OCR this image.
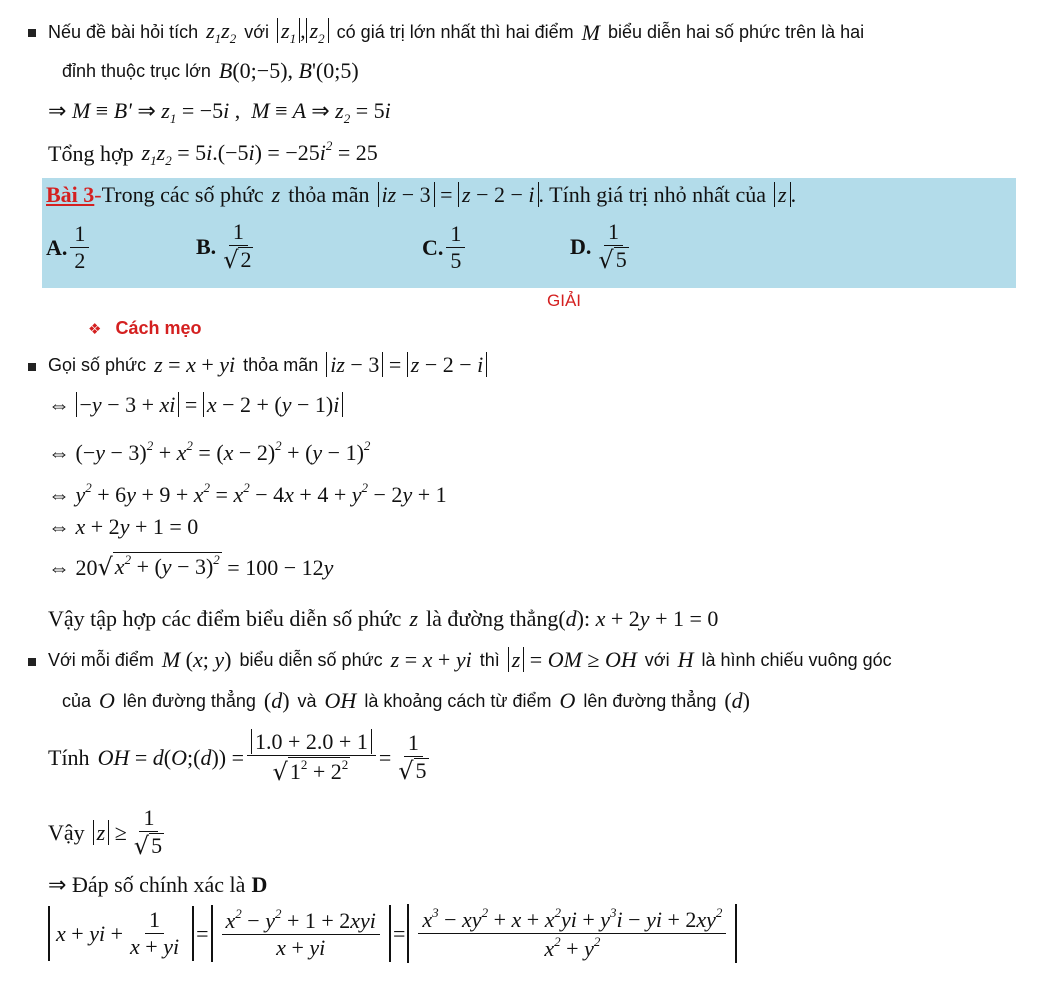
Nếu đề bài hỏi tích $z_1z_2$ với $z_1$ , $z_2$ có giá trị lớn nhất thì hai điểm M biểu diễn hai số phức trên là hai
đỉnh thuộc trục lớn B(0;−5), B'(0;5)
⇒ M ≡ B' ⇒ $z_1 = -5i$ ,  M ≡ A ⇒ $z_2 = 5i$
Tổng hợp $z_1z_2 = 5i.(-5i) = -25i^2 = 25$
Bài 3 - Trong các số phức z thỏa mãn iz − 3 = z − 2 − i . Tính giá trị nhỏ nhất của z .
A. $\frac{1}{2}$	B. $\frac{1}{√ 2}$	C. $\frac{1}{5}$	D. $\frac{1}{√ 5}$
GIẢI
❖ Cách mẹo
Gọi số phức z = x + yi thỏa mãn iz − 3 = z − 2 − i
⇔ −y − 3 + xi = x − 2 + (y − 1)i
⇔ $(-y - 3)^2 + x^2 = (x - 2)^2 + (y - 1)^2$
⇔ $y^2 + 6y + 9 + x^2 = x^2 - 4x + 4 + y^2 - 2y + 1$
⇔ x + 2y + 1 = 0
⇔ 20 √ $x^2 + (y - 3)^2 = 100 - 12y$
Vậy tập hợp các điểm biểu diễn số phức z là đường thẳng (d): x + 2y + 1 = 0
Với mỗi điểm M (x; y) biểu diễn số phức z = x + yi thì z = OM ≥ OH với H là hình chiếu vuông góc
của O lên đường thẳng (d) và OH là khoảng cách từ điểm O lên đường thẳng (d)
Tính OH = d(O;(d)) = $\frac{1.0 + 2.0 + 1}{√ 1^2 + 2^2} = \frac{1}{√ 5}$
Vậy $z \ge \frac{1}{√ 5}$
⇒ Đáp số chính xác là D
x + yi + $\frac{1}{x + yi} = \frac{x^2 - y^2 + 1 + 2xyi}{x + yi} = \frac{x^3 - xy^2 + x + x^2yi + y^3i - yi + 2xy^2}{x^2 + y^2}$
